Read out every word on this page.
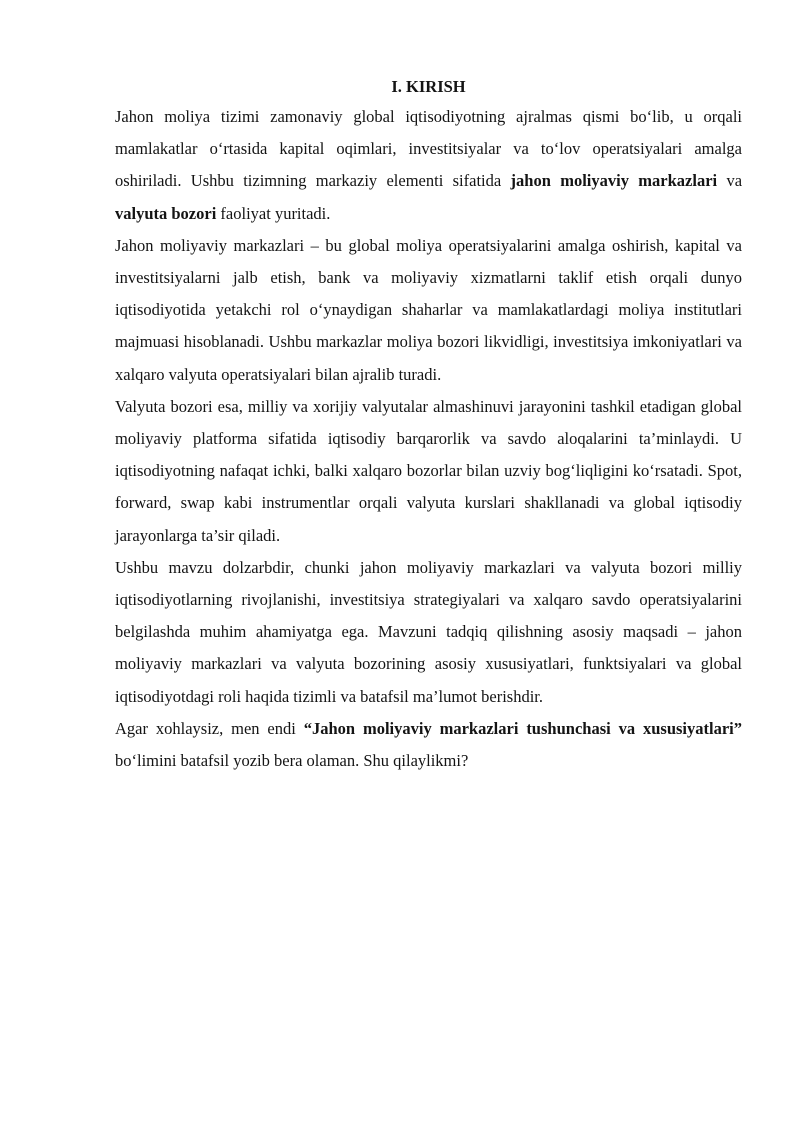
I. KIRISH

Jahon moliya tizimi zamonaviy global iqtisodiyotning ajralmas qismi bo‘lib, u orqali mamlakatlar o‘rtasida kapital oqimlari, investitsiyalar va to‘lov operatsiyalari amalga oshiriladi. Ushbu tizimning markaziy elementi sifatida jahon moliyaviy markazlari va valyuta bozori faoliyat yuritadi.

Jahon moliyaviy markazlari – bu global moliya operatsiyalarini amalga oshirish, kapital va investitsiyalarni jalb etish, bank va moliyaviy xizmatlarni taklif etish orqali dunyo iqtisodiyotida yetakchi rol o‘ynaydigan shaharlar va mamlakatlardagi moliya institutlari majmuasi hisoblanadi. Ushbu markazlar moliya bozori likvidligi, investitsiya imkoniyatlari va xalqaro valyuta operatsiyalari bilan ajralib turadi.

Valyuta bozori esa, milliy va xorijiy valyutalar almashinuvi jarayonini tashkil etadigan global moliyaviy platforma sifatida iqtisodiy barqarorlik va savdo aloqalarini ta’minlaydi. U iqtisodiyotning nafaqat ichki, balki xalqaro bozorlar bilan uzviy bog‘liqligini ko‘rsatadi. Spot, forward, swap kabi instrumentlar orqali valyuta kurslari shakllanadi va global iqtisodiy jarayonlarga ta’sir qiladi.

Ushbu mavzu dolzarbdir, chunki jahon moliyaviy markazlari va valyuta bozori milliy iqtisodiyotlarning rivojlanishi, investitsiya strategiyalari va xalqaro savdo operatsiyalarini belgilashda muhim ahamiyatga ega. Mavzuni tadqiq qilishning asosiy maqsadi – jahon moliyaviy markazlari va valyuta bozorining asosiy xususiyatlari, funktsiyalari va global iqtisodiyotdagi roli haqida tizimli va batafsil ma’lumot berishdir.

Agar xohlaysiz, men endi “Jahon moliyaviy markazlari tushunchasi va xususiyatlari” bo‘limini batafsil yozib bera olaman. Shu qilaylikmi?
